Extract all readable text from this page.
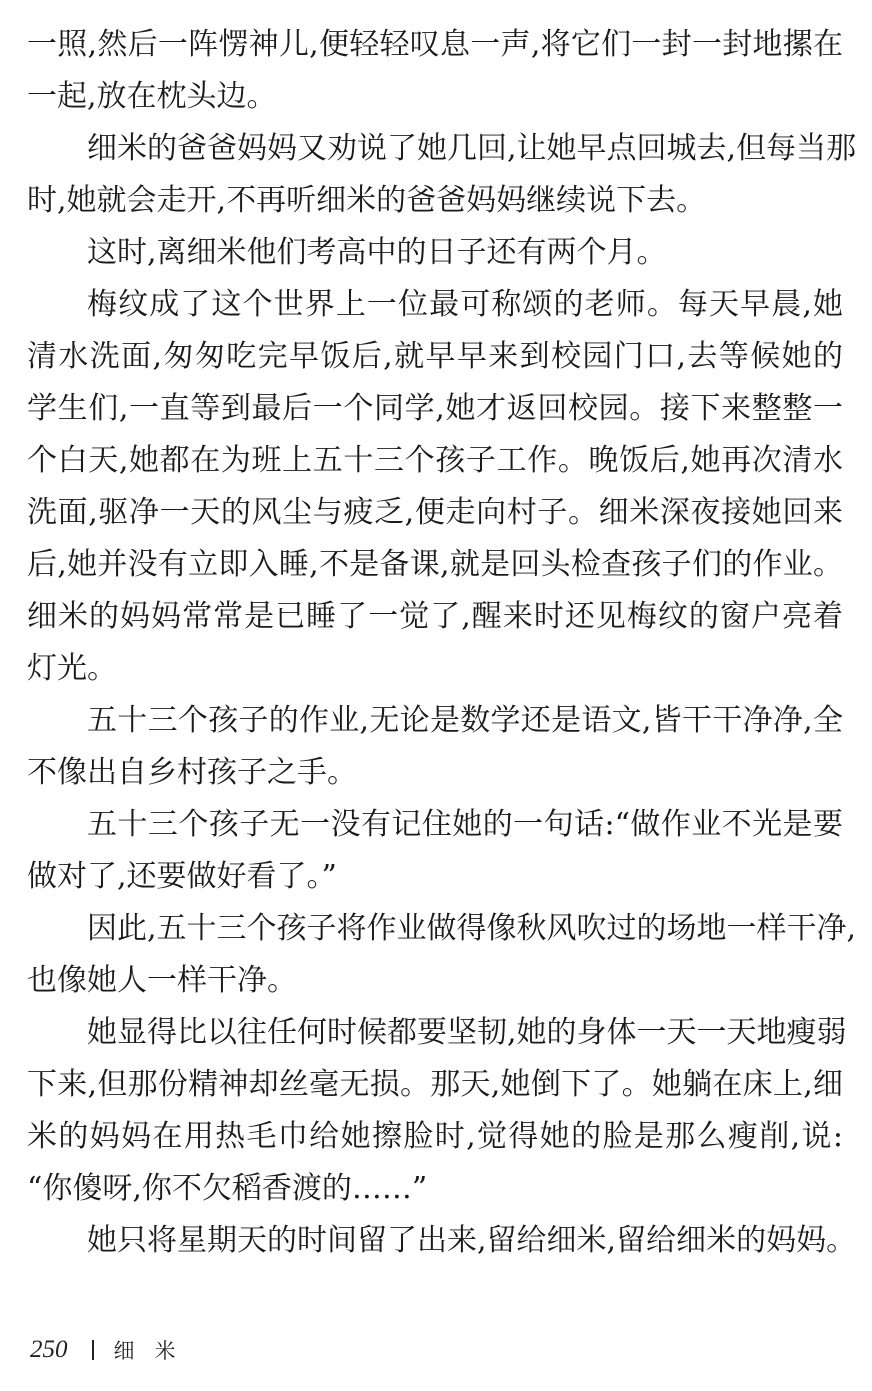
一照,然后一阵愣神儿,便轻轻叹息一声,将它们一封一封地摞在
一起,放在枕头边。
细米的爸爸妈妈又劝说了她几回,让她早点回城去,但每当那
时,她就会走开,不再听细米的爸爸妈妈继续说下去。
这时,离细米他们考高中的日子还有两个月。
梅纹成了这个世界上一位最可称颂的老师。每天早晨,她
清水洗面,匆匆吃完早饭后,就早早来到校园门口,去等候她的
学生们,一直等到最后一个同学,她才返回校园。接下来整整一
个白天,她都在为班上五十三个孩子工作。晚饭后,她再次清水
洗面,驱净一天的风尘与疲乏,便走向村子。细米深夜接她回来
后,她并没有立即入睡,不是备课,就是回头检查孩子们的作业。
细米的妈妈常常是已睡了一觉了,醒来时还见梅纹的窗户亮着
灯光。
五十三个孩子的作业,无论是数学还是语文,皆干干净净,全
不像出自乡村孩子之手。
五十三个孩子无一没有记住她的一句话:“做作业不光是要
做对了,还要做好看了。”
因此,五十三个孩子将作业做得像秋风吹过的场地一样干净,
也像她人一样干净。
她显得比以往任何时候都要坚韧,她的身体一天一天地瘦弱
下来,但那份精神却丝毫无损。那天,她倒下了。她躺在床上,细
米的妈妈在用热毛巾给她擦脸时,觉得她的脸是那么瘦削,说:
“你傻呀,你不欠稻香渡的……”
她只将星期天的时间留了出来,留给细米,留给细米的妈妈。
250 细米
